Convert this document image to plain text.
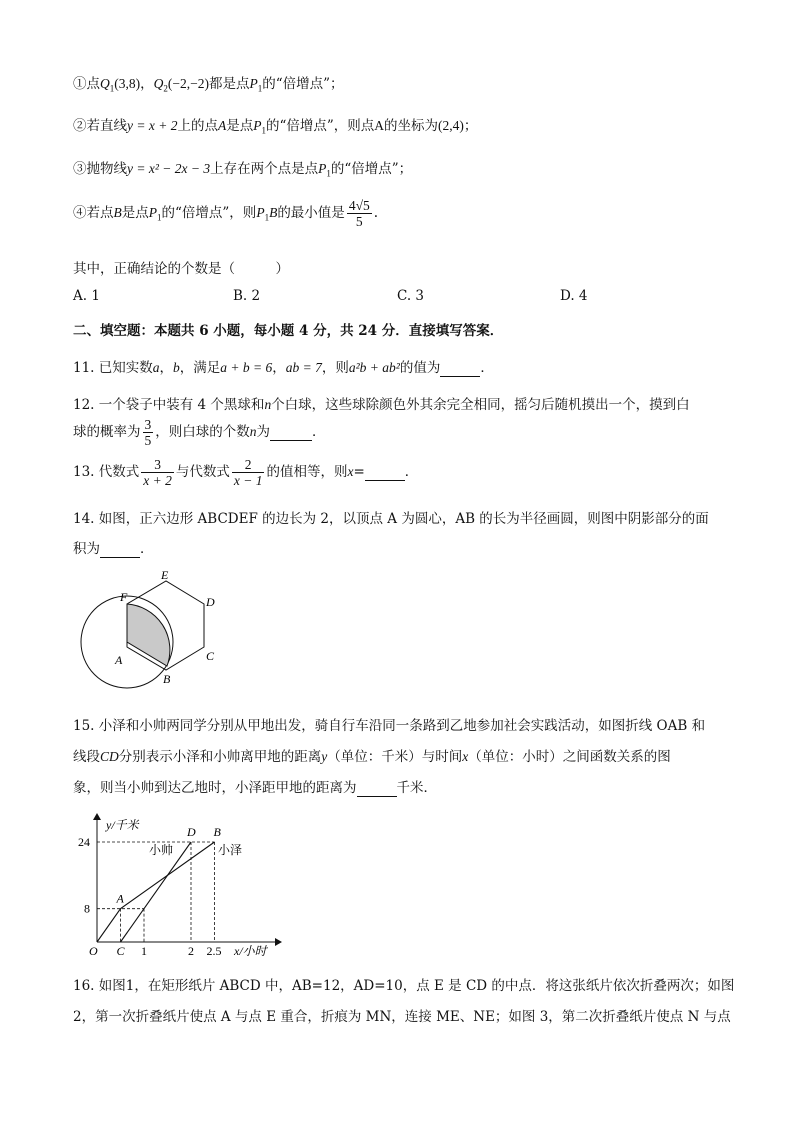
①点$Q_1(3,8)$，$Q_2(-2,-2)$都是点$P_1$的“倍增点”；
②若直线y = x + 2上的点A是点$P_1$的“倍增点”，则点A的坐标为(2,4)；
③抛物线y = x² − 2x − 3上存在两个点是点$P_1$的“倍增点”；
④若点B是点$P_1$的“倍增点”，则$P_1B$的最小值是 $\frac{4√5}{5}$ .
其中，正确结论的个数是（　　　）
A. 1	B. 2	C. 3	D. 4
二、填空题：本题共 6 小题，每小题 4 分，共 24 分．直接填写答案．
11. 已知实数a，b，满足a + b = 6，ab = 7，则a²b + ab²的值为	．
12. 一个袋子中装有 4 个黑球和n个白球，这些球除颜色外其余完全相同，摇匀后随机摸出一个，摸到白
球的概率为 $\frac{3}{5}$ ，则白球的个数n为	．
13. 代数式 $\frac{3}{x + 2}$ 与代数式 $\frac{2}{x - 1}$ 的值相等，则x=	．
14. 如图，正六边形 ABCDEF 的边长为 2，以顶点 A 为圆心，AB 的长为半径画圆，则图中阴影部分的面
积为	．
E
D
F
C
A
B
15. 小泽和小帅两同学分别从甲地出发，骑自行车沿同一条路到乙地参加社会实践活动，如图折线 OAB 和
线段CD分别表示小泽和小帅离甲地的距离y（单位：千米）与时间x（单位：小时）之间函数关系的图
象，则当小帅到达乙地时，小泽距甲地的距离为	千米．
小帅	小泽
y/千米
x/小时
24
8
O C 1	2 2.5
A
D B
16. 如图1，在矩形纸片 ABCD 中，AB=12，AD=10，点 E 是 CD 的中点．将这张纸片依次折叠两次；如图
2，第一次折叠纸片使点 A 与点 E 重合，折痕为 MN，连接 ME、NE；如图 3，第二次折叠纸片使点 N 与点
